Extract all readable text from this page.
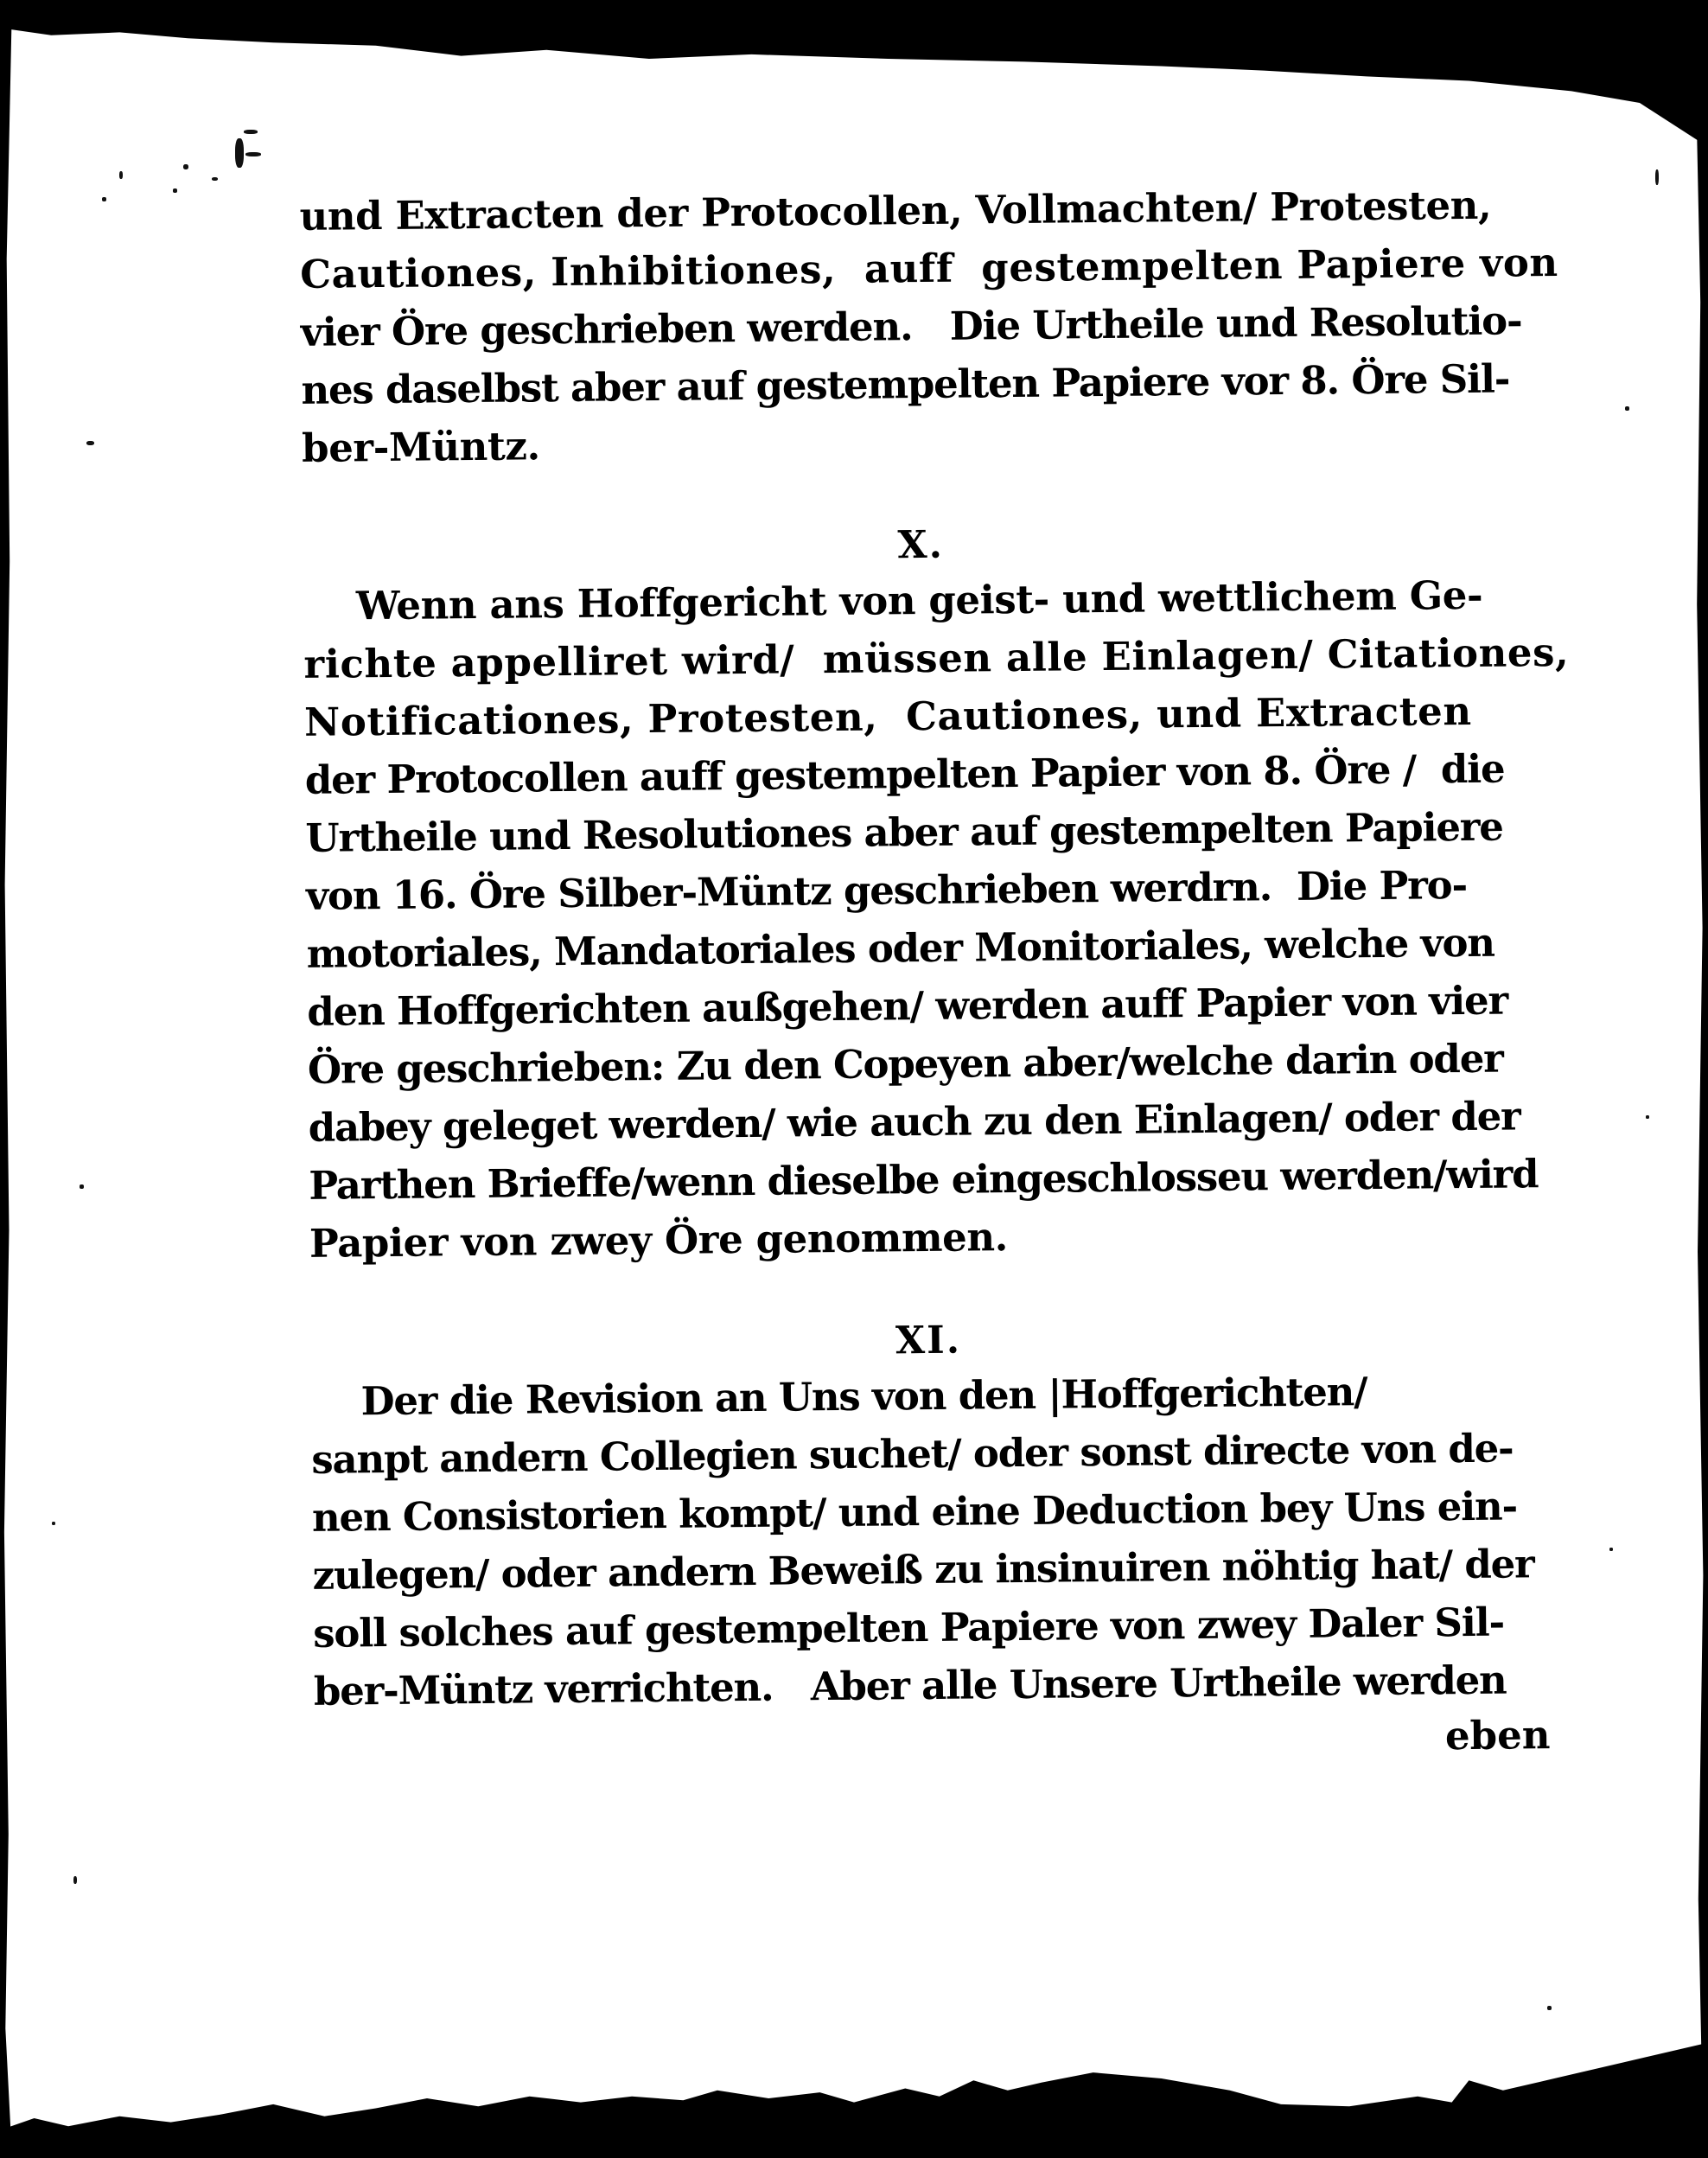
und Extracten der Protocollen, Vollmachten/ Protesten,
Cautiones, Inhibitiones,  auff  gestempelten Papiere von
vier Öre geschrieben werden.   Die Urtheile und Resolutio-
nes daselbst aber auf gestempelten Papiere vor 8. Öre Sil-
ber-Müntz.
X.
Wenn ans Hoffgericht von geist- und wettlichem Ge-
richte appelliret wird/  müssen alle Einlagen/ Citationes,
Notificationes, Protesten,  Cautiones, und Extracten
der Protocollen auff gestempelten Papier von 8. Öre /  die
Urtheile und Resolutiones aber auf gestempelten Papiere
von 16. Öre Silber-Müntz geschrieben werdrn.  Die Pro-
motoriales, Mandatoriales oder Monitoriales, welche von
den Hoffgerichten außgehen/ werden auff Papier von vier
Öre geschrieben: Zu den Copeyen aber/welche darin oder
dabey geleget werden/ wie auch zu den Einlagen/ oder der
Parthen Brieffe/wenn dieselbe eingeschlosseu werden/wird
Papier von zwey Öre genommen.
XI.
Der die Revision an Uns von den |Hoffgerichten/
sanpt andern Collegien suchet/ oder sonst directe von de-
nen Consistorien kompt/ und eine Deduction bey Uns ein-
zulegen/ oder andern Beweiß zu insinuiren nöhtig hat/ der
soll solches auf gestempelten Papiere von zwey Daler Sil-
ber-Müntz verrichten.   Aber alle Unsere Urtheile werden
eben
